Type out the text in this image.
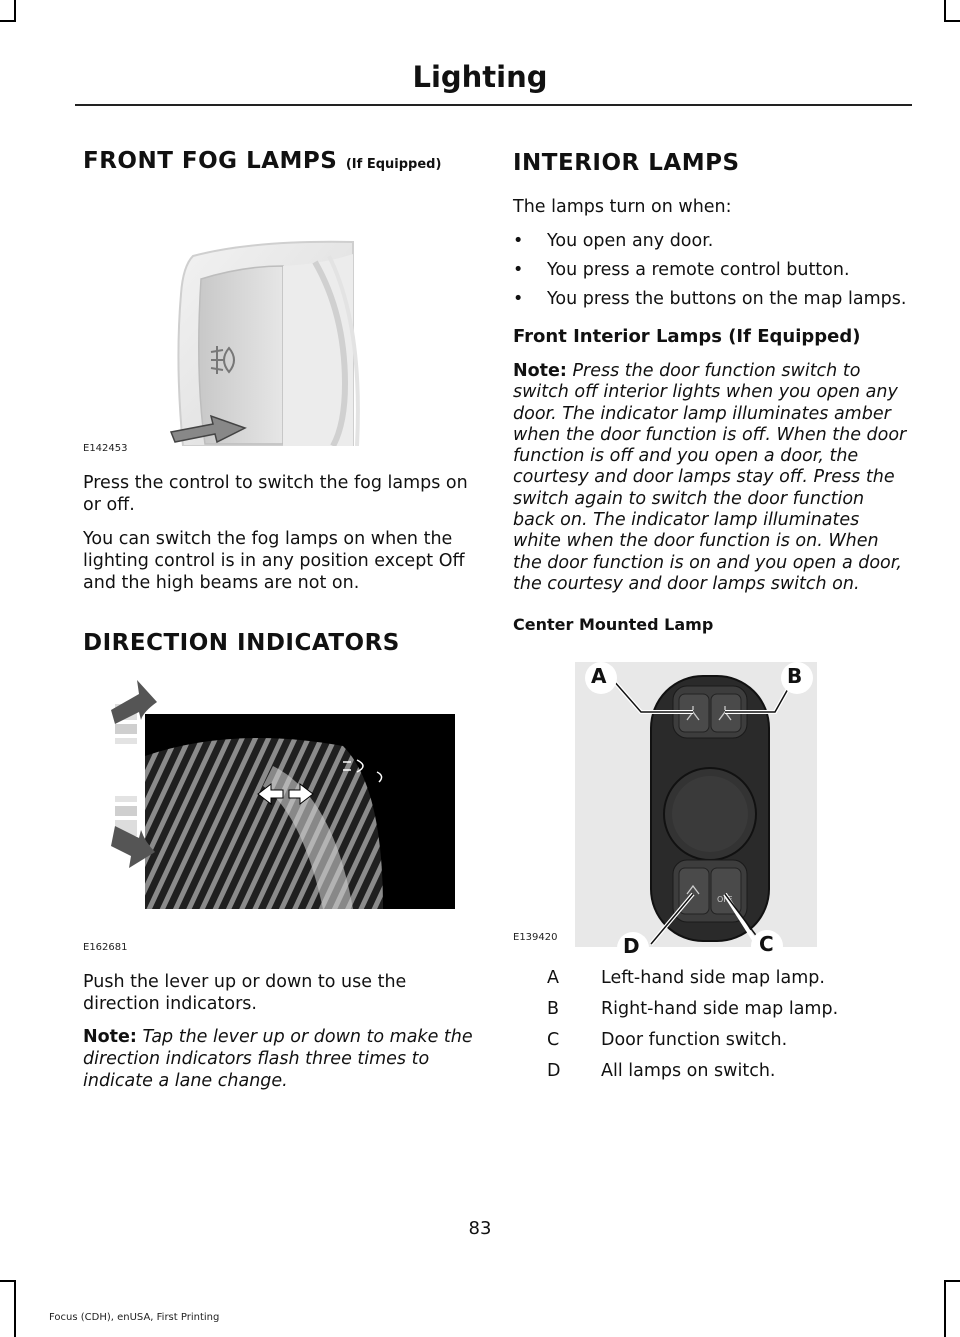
Lighting
FRONT FOG LAMPS (If Equipped)
E142453

Press the control to switch the fog lamps on or off.

You can switch the fog lamps on when the lighting control is in any position except Off and the high beams are not on.

DIRECTION INDICATORS
E162681

Push the lever up or down to use the direction indicators.

Note: Tap the lever up or down to make the direction indicators flash three times to indicate a lane change.

INTERIOR LAMPS

The lamps turn on when:

• You open any door.
• You press a remote control button.
• You press the buttons on the map lamps.
Front Interior Lamps (If Equipped)

Note: Press the door function switch to switch off interior lights when you open any door. The indicator lamp illuminates amber when the door function is off. When the door function is off and you open a door, the courtesy and door lamps stay off. Press the switch again to switch the door function back on. The indicator lamp illuminates white when the door function is on. When the door function is on and you open a door, the courtesy and door lamps switch on.

Center Mounted Lamp
OFF
A	B
C
D
E139420
A	Left-hand side map lamp.
B	Right-hand side map lamp.
C	Door function switch.
D	All lamps on switch.
83
Focus (CDH), enUSA, First Printing
